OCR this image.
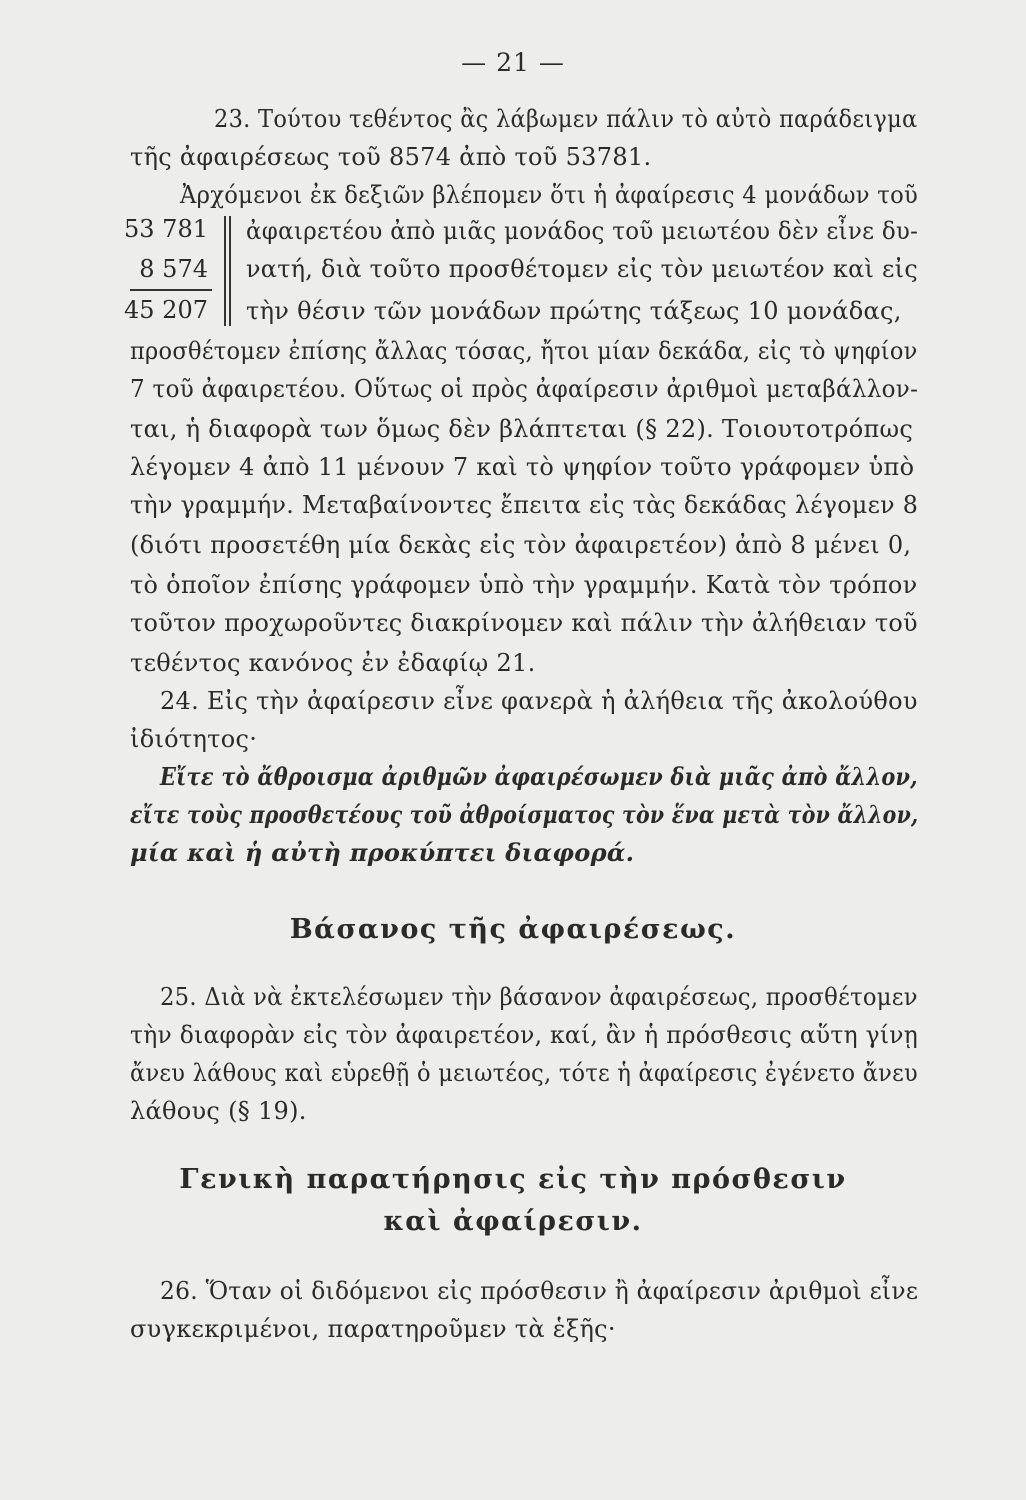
— 21 —
23. Τούτου τεθέντος ἂς λάβωμεν πάλιν τὸ αὐτὸ παράδειγμα
τῆς ἀφαιρέσεως τοῦ 8574 ἀπὸ τοῦ 53781.
Ἀρχόμενοι ἐκ δεξιῶν βλέπομεν ὅτι ἡ ἀφαίρεσις 4 μονάδων τοῦ
53 781
8 574
45 207
ἀφαιρετέου ἀπὸ μιᾶς μονάδος τοῦ μειωτέου δὲν εἶνε δυ-
νατή, διὰ τοῦτο προσθέτομεν εἰς τὸν μειωτέον καὶ εἰς
τὴν θέσιν τῶν μονάδων πρώτης τάξεως 10 μονάδας,
προσθέτομεν ἐπίσης ἄλλας τόσας, ἤτοι μίαν δεκάδα, εἰς τὸ ψηφίον
7 τοῦ ἀφαιρετέου. Οὕτως οἱ πρὸς ἀφαίρεσιν ἀριθμοὶ μεταβάλλον-
ται, ἡ διαφορὰ των ὅμως δὲν βλάπτεται (§ 22). Τοιουτοτρόπως
λέγομεν 4 ἀπὸ 11 μένουν 7 καὶ τὸ ψηφίον τοῦτο γράφομεν ὑπὸ
τὴν γραμμήν. Μεταβαίνοντες ἔπειτα εἰς τὰς δεκάδας λέγομεν 8
(διότι προσετέθη μία δεκὰς εἰς τὸν ἀφαιρετέον) ἀπὸ 8 μένει 0,
τὸ ὁποῖον ἐπίσης γράφομεν ὑπὸ τὴν γραμμήν. Κατὰ τὸν τρόπον
τοῦτον προχωροῦντες διακρίνομεν καὶ πάλιν τὴν ἀλήθειαν τοῦ
τεθέντος κανόνος ἐν ἐδαφίῳ 21.
24. Εἰς τὴν ἀφαίρεσιν εἶνε φανερὰ ἡ ἀλήθεια τῆς ἀκολούθου
ἰδιότητος·
Εἴτε τὸ ἄθροισμα ἀριθμῶν ἀφαιρέσωμεν διὰ μιᾶς ἀπὸ ἄλλον,
εἴτε τοὺς προσθετέους τοῦ ἀθροίσματος τὸν ἕνα μετὰ τὸν ἄλλον,
μία καὶ ἡ αὐτὴ προκύπτει διαφορά.
Βάσανος τῆς ἀφαιρέσεως.
25. Διὰ νὰ ἐκτελέσωμεν τὴν βάσανον ἀφαιρέσεως, προσθέτομεν
τὴν διαφορὰν εἰς τὸν ἀφαιρετέον, καί, ἂν ἡ πρόσθεσις αὕτη γίνῃ
ἄνευ λάθους καὶ εὑρεθῇ ὁ μειωτέος, τότε ἡ ἀφαίρεσις ἐγένετο ἄνευ
λάθους (§ 19).
Γενικὴ παρατήρησις εἰς τὴν πρόσθεσιν
καὶ ἀφαίρεσιν.
26. Ὅταν οἱ διδόμενοι εἰς πρόσθεσιν ἢ ἀφαίρεσιν ἀριθμοὶ εἶνε
συγκεκριμένοι, παρατηροῦμεν τὰ ἑξῆς·
